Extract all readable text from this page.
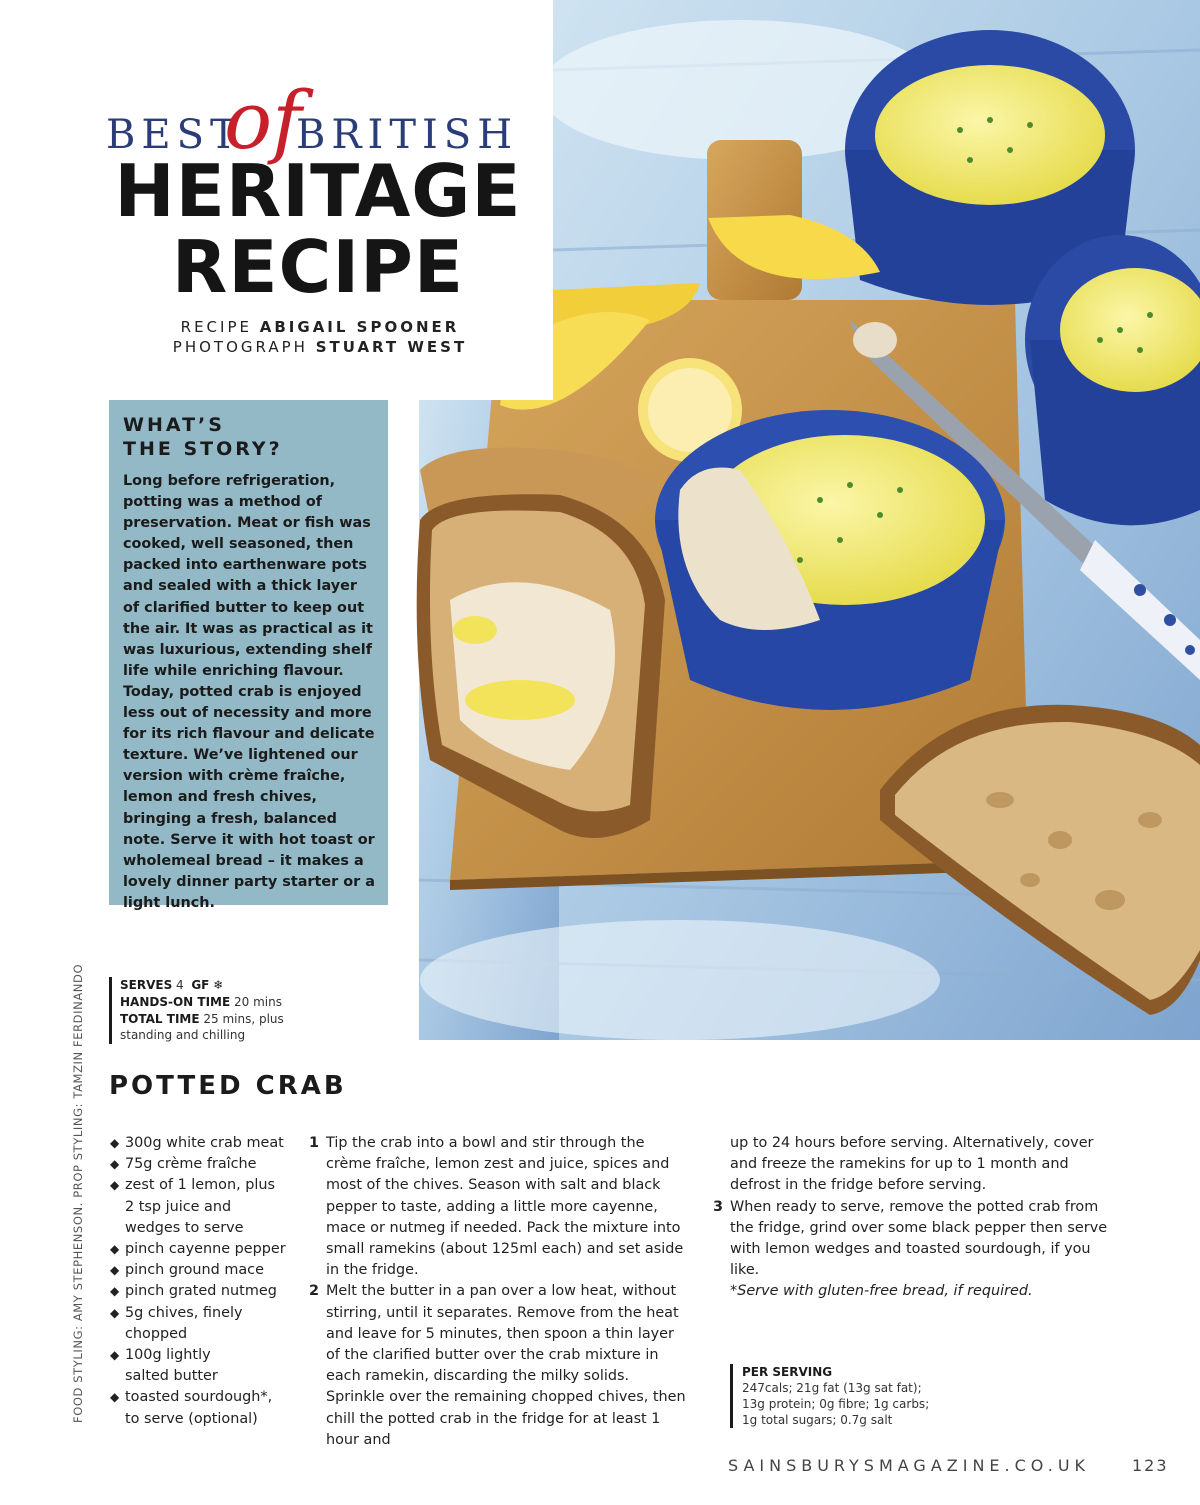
BEST
of
BRITISH
HERITAGE
RECIPE
RECIPE ABIGAIL SPOONER
PHOTOGRAPH STUART WEST
WHAT’S
THE STORY?

Long before refrigeration, potting was a method of preservation. Meat or fish was cooked, well seasoned, then packed into earthenware pots and sealed with a thick layer of clarified butter to keep out the air. It was as practical as it was luxurious, extending shelf life while enriching flavour. Today, potted crab is enjoyed less out of necessity and more for its rich flavour and delicate texture. We’ve lightened our version with crème fraîche, lemon and fresh chives, bringing a fresh, balanced note. Serve it with hot toast or wholemeal bread – it makes a lovely dinner party starter or a light lunch.

FOOD STYLING: AMY STEPHENSON. PROP STYLING: TAMZIN FERDINANDO	SERVES 4 GF ❄
HANDS-ON TIME 20 mins
TOTAL TIME 25 mins, plus standing and chilling
POTTED CRAB
◆ 300g white crab meat
◆ 75g crème fraîche
◆ zest of 1 lemon, plus 2 tsp juice and wedges to serve
◆ pinch cayenne pepper
◆ pinch ground mace
◆ pinch grated nutmeg
◆ 5g chives, finely chopped
◆ 100g lightly salted butter
◆ toasted sourdough*, to serve (optional)
1 Tip the crab into a bowl and stir through the crème fraîche, lemon zest and juice, spices and most of the chives. Season with salt and black pepper to taste, adding a little more cayenne, mace or nutmeg if needed. Pack the mixture into small ramekins (about 125ml each) and set aside in the fridge.
2 Melt the butter in a pan over a low heat, without stirring, until it separates. Remove from the heat and leave for 5 minutes, then spoon a thin layer of the clarified butter over the crab mixture in each ramekin, discarding the milky solids. Sprinkle over the remaining chopped chives, then chill the potted crab in the fridge for at least 1 hour and
up to 24 hours before serving. Alternatively, cover and freeze the ramekins for up to 1 month and defrost in the fridge before serving.
3 When ready to serve, remove the potted crab from the fridge, grind over some black pepper then serve with lemon wedges and toasted sourdough, if you like.
*Serve with gluten-free bread, if required.
PER SERVING
247cals; 21g fat (13g sat fat);
13g protein; 0g fibre; 1g carbs;
1g total sugars; 0.7g salt
SAINSBURYSMAGAZINE.CO.UK	123
